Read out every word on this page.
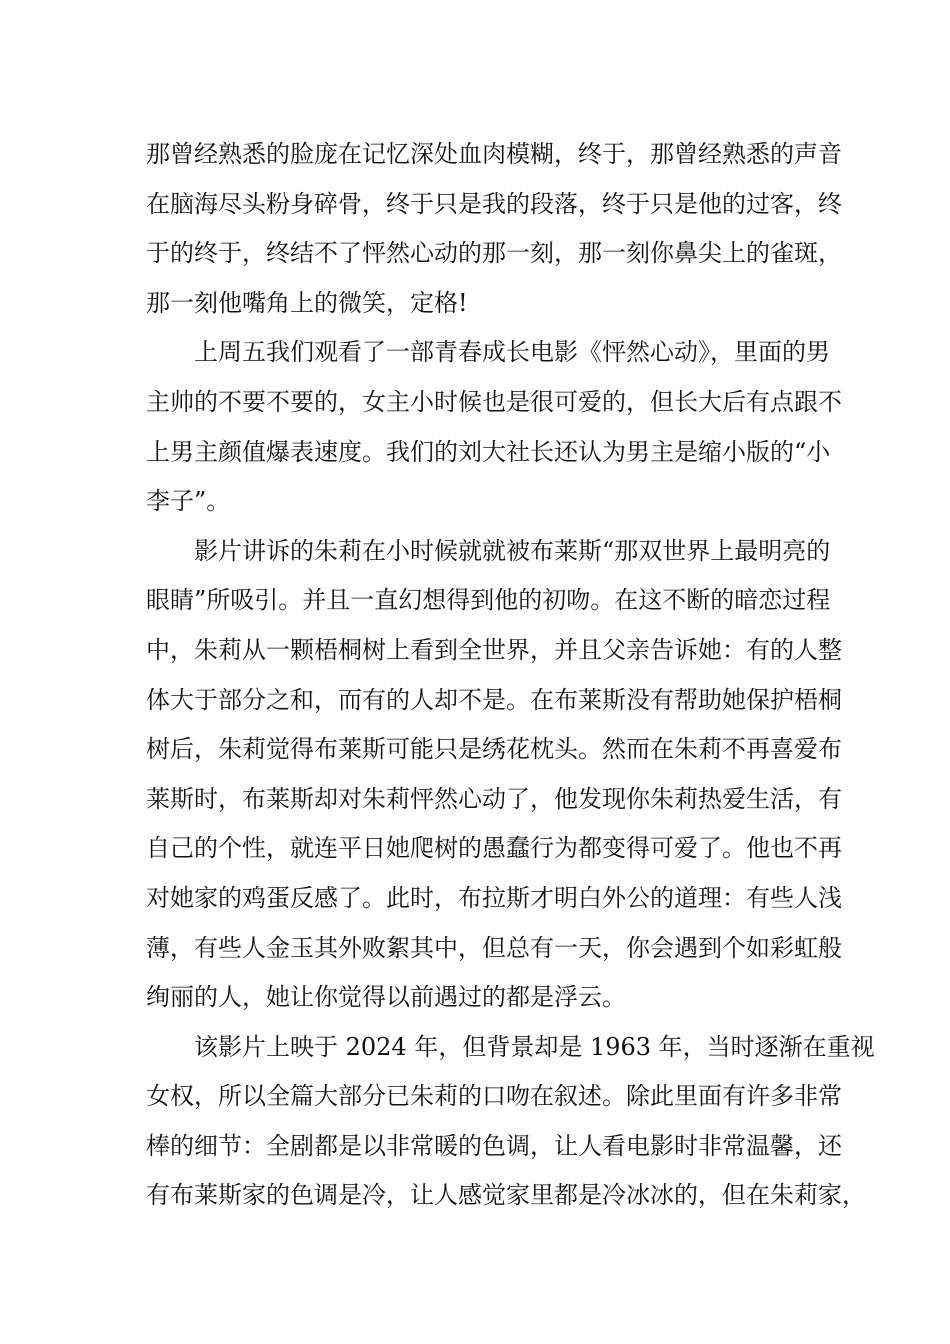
那曾经熟悉的脸庞在记忆深处血肉模糊，终于，那曾经熟悉的声音
在脑海尽头粉身碎骨，终于只是我的段落，终于只是他的过客，终
于的终于，终结不了怦然心动的那一刻，那一刻你鼻尖上的雀斑，
那一刻他嘴角上的微笑，定格!

上周五我们观看了一部青春成长电影《怦然心动》，里面的男
主帅的不要不要的，女主小时候也是很可爱的，但长大后有点跟不
上男主颜值爆表速度。我们的刘大社长还认为男主是缩小版的“小
李子”。

影片讲诉的朱莉在小时候就就被布莱斯“那双世界上最明亮的
眼睛”所吸引。并且一直幻想得到他的初吻。在这不断的暗恋过程
中，朱莉从一颗梧桐树上看到全世界，并且父亲告诉她：有的人整
体大于部分之和，而有的人却不是。在布莱斯没有帮助她保护梧桐
树后，朱莉觉得布莱斯可能只是绣花枕头。然而在朱莉不再喜爱布
莱斯时，布莱斯却对朱莉怦然心动了，他发现你朱莉热爱生活，有
自己的个性，就连平日她爬树的愚蠢行为都变得可爱了。他也不再
对她家的鸡蛋反感了。此时，布拉斯才明白外公的道理：有些人浅
薄，有些人金玉其外败絮其中，但总有一天，你会遇到个如彩虹般
绚丽的人，她让你觉得以前遇过的都是浮云。

该影片上映于 2024 年，但背景却是 1963 年，当时逐渐在重视
女权，所以全篇大部分已朱莉的口吻在叙述。除此里面有许多非常
棒的细节：全剧都是以非常暖的色调，让人看电影时非常温馨，还
有布莱斯家的色调是冷，让人感觉家里都是冷冰冰的，但在朱莉家，
